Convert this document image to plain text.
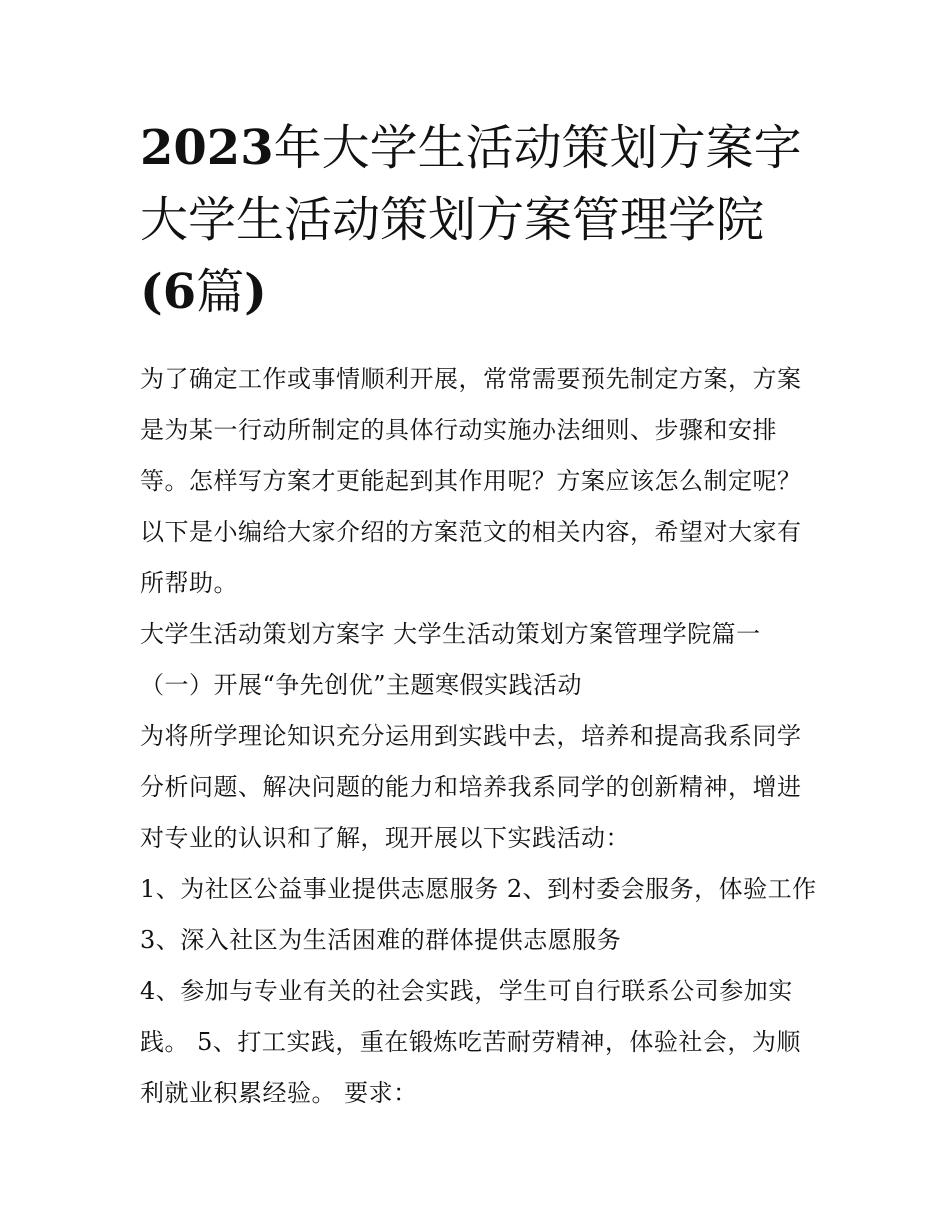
2023年大学生活动策划方案字
大学生活动策划方案管理学院
(6篇)

为了确定工作或事情顺利开展，常常需要预先制定方案，方案是为某一行动所制定的具体行动实施办法细则、步骤和安排等。怎样写方案才更能起到其作用呢？方案应该怎么制定呢？以下是小编给大家介绍的方案范文的相关内容，希望对大家有所帮助。

大学生活动策划方案字 大学生活动策划方案管理学院篇一

（一）开展“争先创优”主题寒假实践活动

为将所学理论知识充分运用到实践中去，培养和提高我系同学分析问题、解决问题的能力和培养我系同学的创新精神，增进对专业的认识和了解，现开展以下实践活动：

1、为社区公益事业提供志愿服务 2、到村委会服务，体验工作 3、深入社区为生活困难的群体提供志愿服务

4、参加与专业有关的社会实践，学生可自行联系公司参加实践。 5、打工实践，重在锻炼吃苦耐劳精神，体验社会，为顺利就业积累经验。 要求：
